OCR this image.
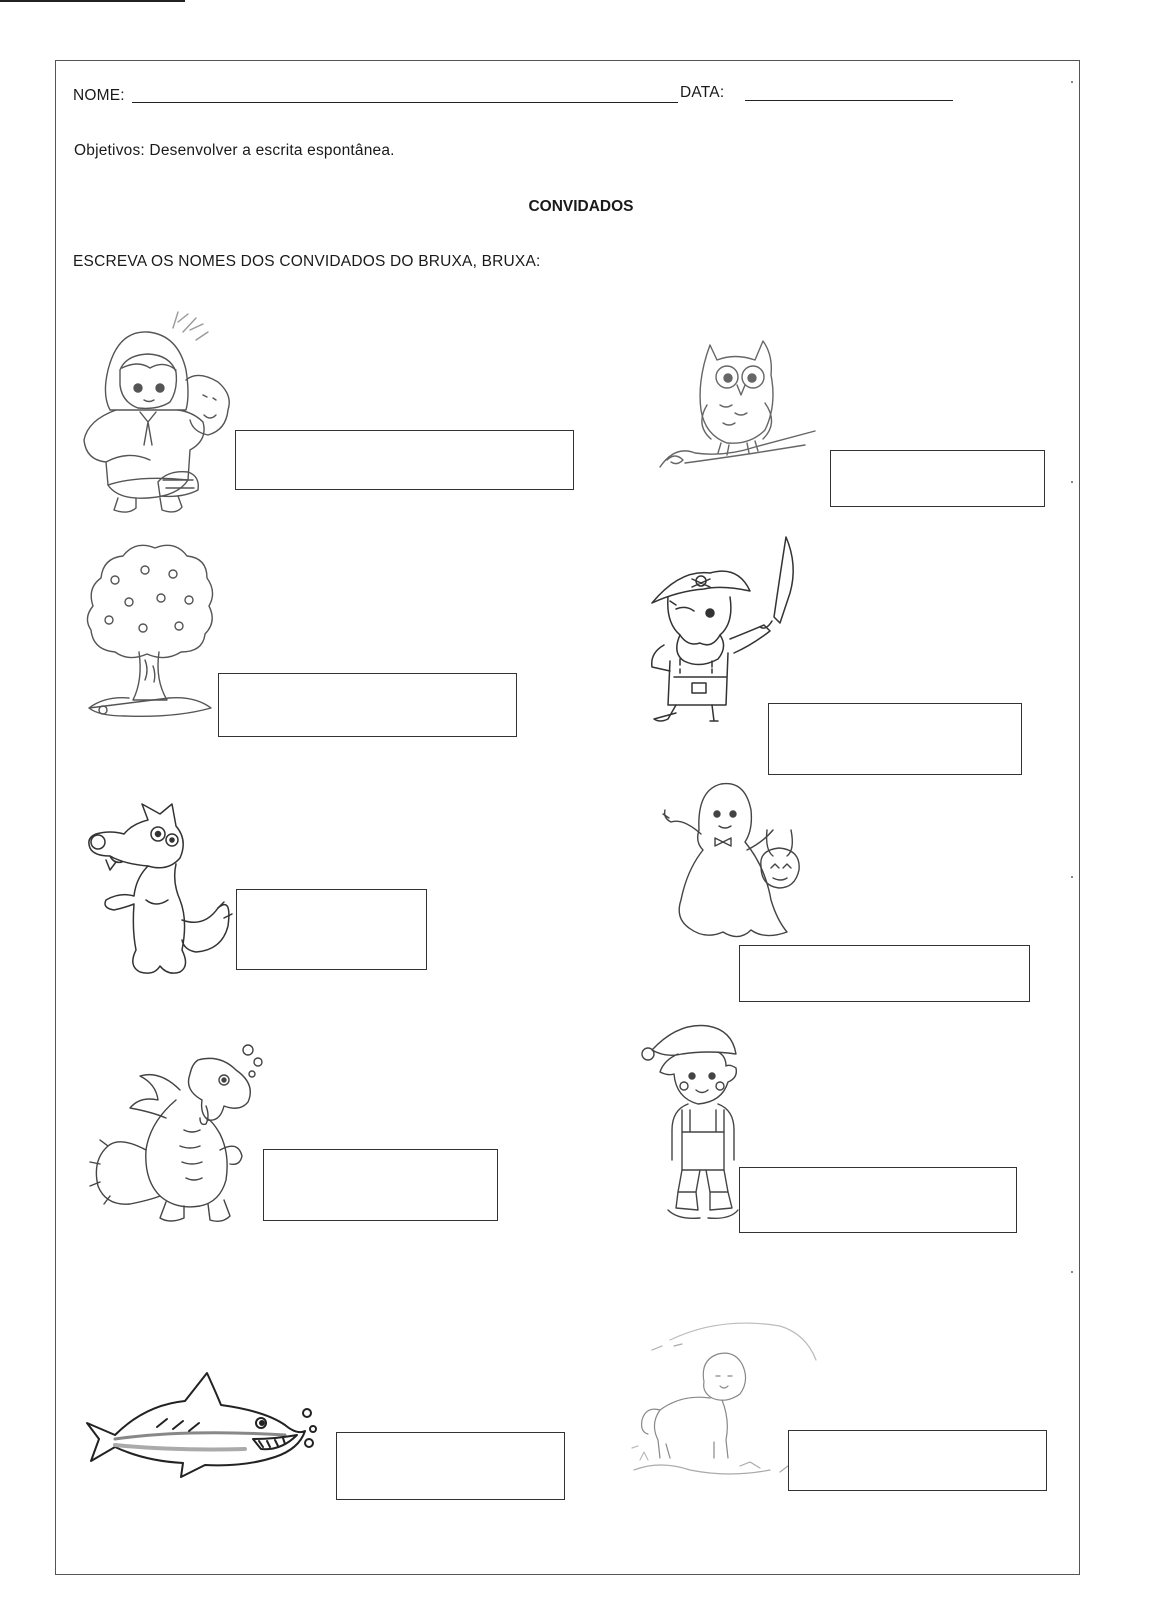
NOME:	DATA:
Objetivos: Desenvolver a escrita espontânea.
CONVIDADOS
ESCREVA OS NOMES DOS CONVIDADOS DO BRUXA, BRUXA:
